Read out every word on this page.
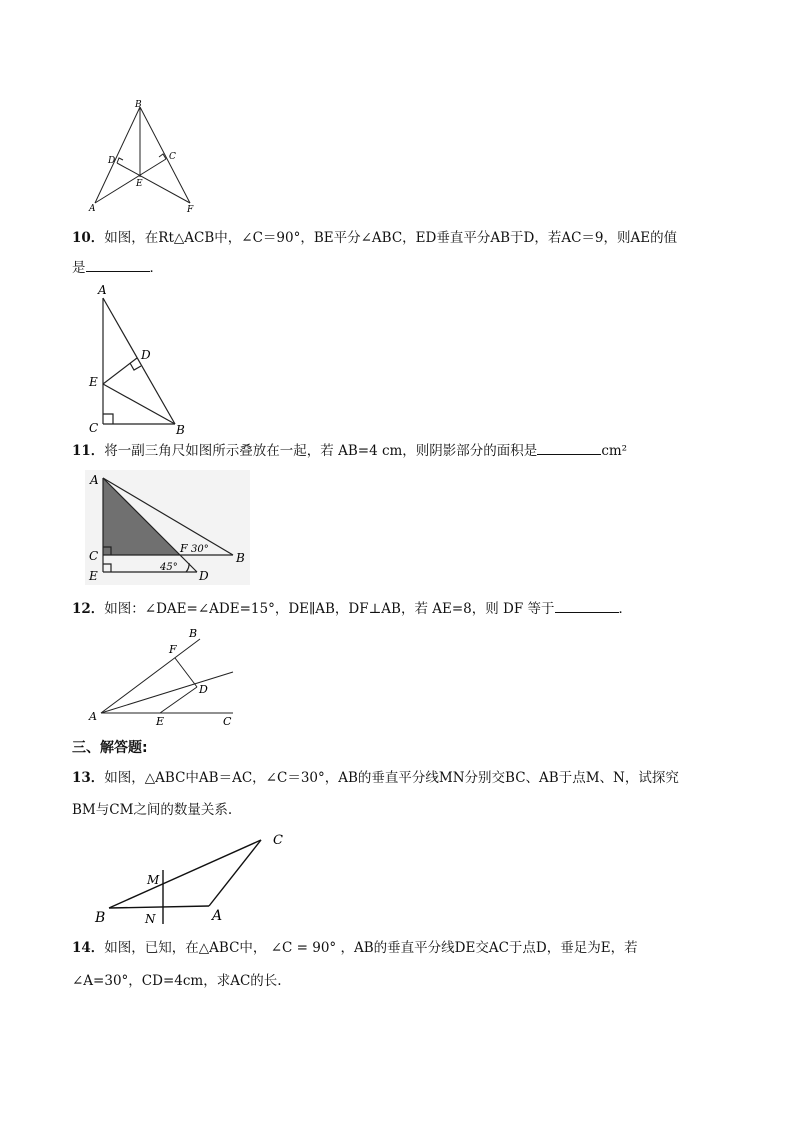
B
D	C
E
A	F
10．如图，在Rt△ACB中，∠C＝90°，BE平分∠ABC，ED垂直平分AB于D，若AC＝9，则AE的值
是	．
A
D
E
C	B
11．将一副三角尺如图所示叠放在一起，若 AB=4 cm，则阴影部分的面积是	cm²
A
C
E
F 30°
B
45°
D
12．如图：∠DAE=∠ADE=15°，DE∥AB，DF⊥AB，若 AE=8，则 DF 等于	．
B
F
D
A	E	C
三、解答题:
13．如图，△ABC中AB＝AC，∠C＝30°，AB的垂直平分线MN分别交BC、AB于点M、N，试探究
BM与CM之间的数量关系.
C
M
B	N	A
14．如图，已知，在△ABC中， ∠C = 90° ，AB的垂直平分线DE交AC于点D，垂足为E，若
∠A=30°，CD=4cm，求AC的长.
